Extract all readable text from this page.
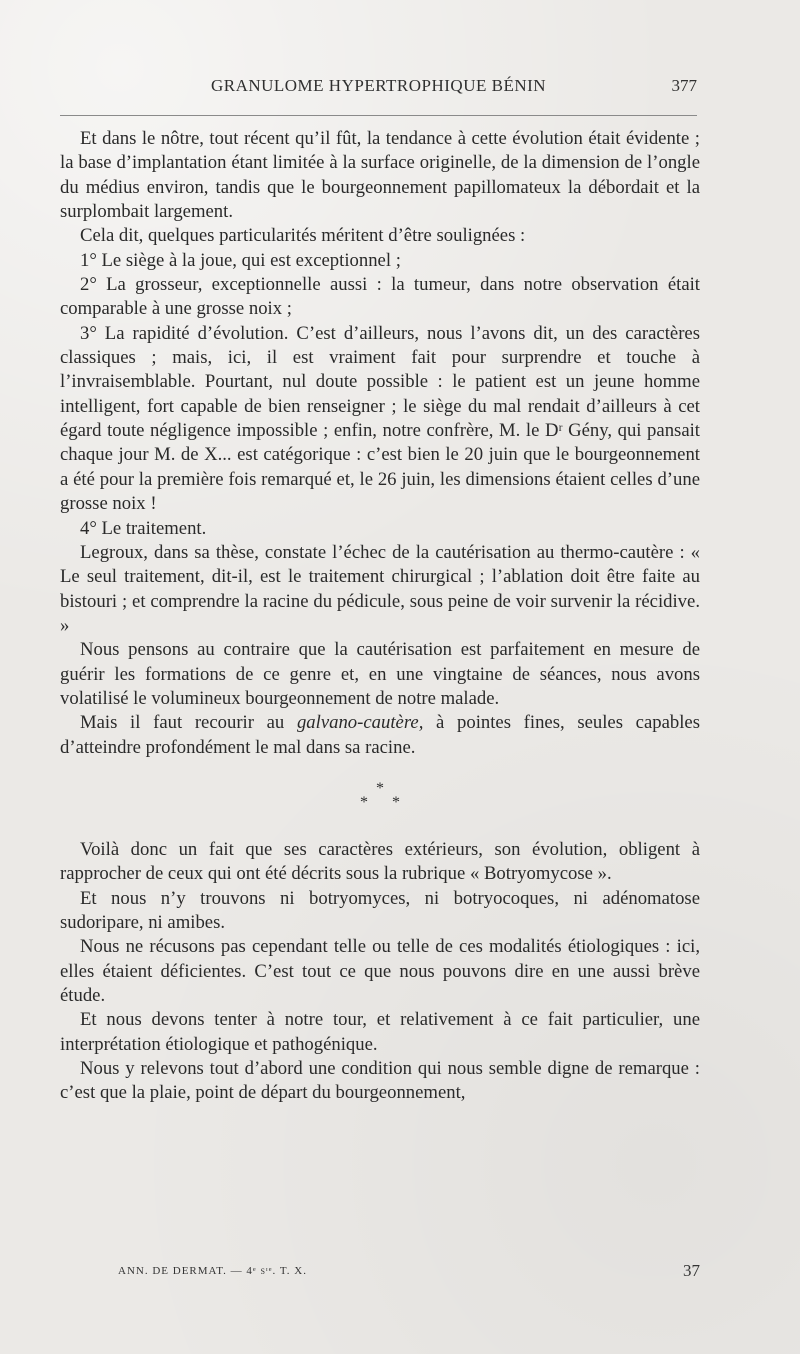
GRANULOME HYPERTROPHIQUE BÉNIN	377

Et dans le nôtre, tout récent qu’il fût, la tendance à cette évolution était évidente ; la base d’implantation étant limitée à la surface originelle, de la dimension de l’ongle du médius environ, tandis que le bourgeonnement papillomateux la débordait et la surplombait largement.

Cela dit, quelques particularités méritent d’être soulignées :

1° Le siège à la joue, qui est exceptionnel ;

2° La grosseur, exceptionnelle aussi : la tumeur, dans notre observation était comparable à une grosse noix ;

3° La rapidité d’évolution. C’est d’ailleurs, nous l’avons dit, un des caractères classiques ; mais, ici, il est vraiment fait pour surprendre et touche à l’invraisemblable. Pourtant, nul doute possible : le patient est un jeune homme intelligent, fort capable de bien renseigner ; le siège du mal rendait d’ailleurs à cet égard toute négligence impossible ; enfin, notre confrère, M. le Dʳ Gény, qui pansait chaque jour M. de X... est catégorique : c’est bien le 20 juin que le bourgeonnement a été pour la première fois remarqué et, le 26 juin, les dimensions étaient celles d’une grosse noix !

4° Le traitement.

Legroux, dans sa thèse, constate l’échec de la cautérisation au thermo-cautère : « Le seul traitement, dit-il, est le traitement chirurgical ; l’ablation doit être faite au bistouri ; et comprendre la racine du pédicule, sous peine de voir survenir la récidive. »

Nous pensons au contraire que la cautérisation est parfaitement en mesure de guérir les formations de ce genre et, en une vingtaine de séances, nous avons volatilisé le volumineux bourgeonnement de notre malade.

Mais il faut recourir au galvano-cautère, à pointes fines, seules capables d’atteindre profondément le mal dans sa racine.

*
* *

Voilà donc un fait que ses caractères extérieurs, son évolution, obligent à rapprocher de ceux qui ont été décrits sous la rubrique « Botryomycose ».

Et nous n’y trouvons ni botryomyces, ni botryocoques, ni adénomatose sudoripare, ni amibes.

Nous ne récusons pas cependant telle ou telle de ces modalités étiologiques : ici, elles étaient déficientes. C’est tout ce que nous pouvons dire en une aussi brève étude.

Et nous devons tenter à notre tour, et relativement à ce fait particulier, une interprétation étiologique et pathogénique.

Nous y relevons tout d’abord une condition qui nous semble digne de remarque : c’est que la plaie, point de départ du bourgeonnement,

ANN. DE DERMAT. — 4ᵉ sᶦᵉ. T. X.	37
